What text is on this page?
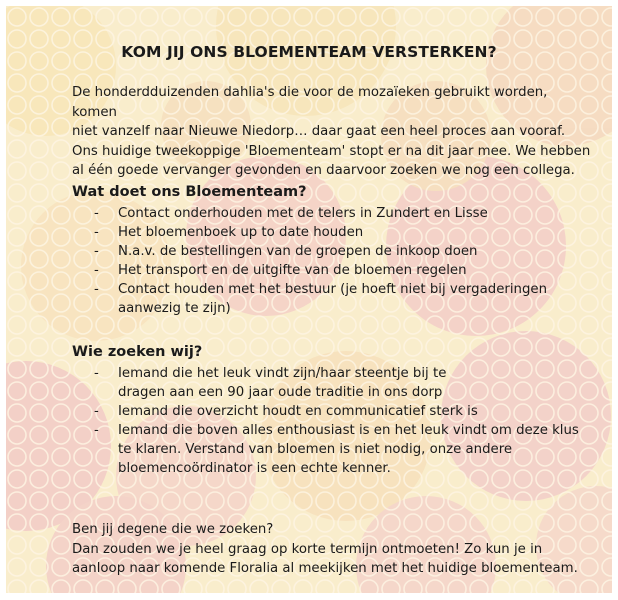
KOM JIJ ONS BLOEMENTEAM VERSTERKEN?
De honderdduizenden dahlia's die voor de mozaïeken gebruikt worden, komen
niet vanzelf naar Nieuwe Niedorp… daar gaat een heel proces aan vooraf.
Ons huidige tweekoppige 'Bloementeam' stopt er na dit jaar mee. We hebben
al één goede vervanger gevonden en daarvoor zoeken we nog een collega.
Wat doet ons Bloementeam?
- Contact onderhouden met de telers in Zundert en Lisse
- Het bloemenboek up to date houden
- N.a.v. de bestellingen van de groepen de inkoop doen
- Het transport en de uitgifte van de bloemen regelen
- Contact houden met het bestuur (je hoeft niet bij vergaderingen aanwezig te zijn)
Wie zoeken wij?
- Iemand die het leuk vindt zijn/haar steentje bij te dragen aan een 90 jaar oude traditie in ons dorp
- Iemand die overzicht houdt en communicatief sterk is
- Iemand die boven alles enthousiast is en het leuk vindt om deze klus te klaren. Verstand van bloemen is niet nodig, onze andere bloemencoördinator is een echte kenner.
Ben jij degene die we zoeken?
Dan zouden we je heel graag op korte termijn ontmoeten! Zo kun je in
aanloop naar komende Floralia al meekijken met het huidige bloementeam.
